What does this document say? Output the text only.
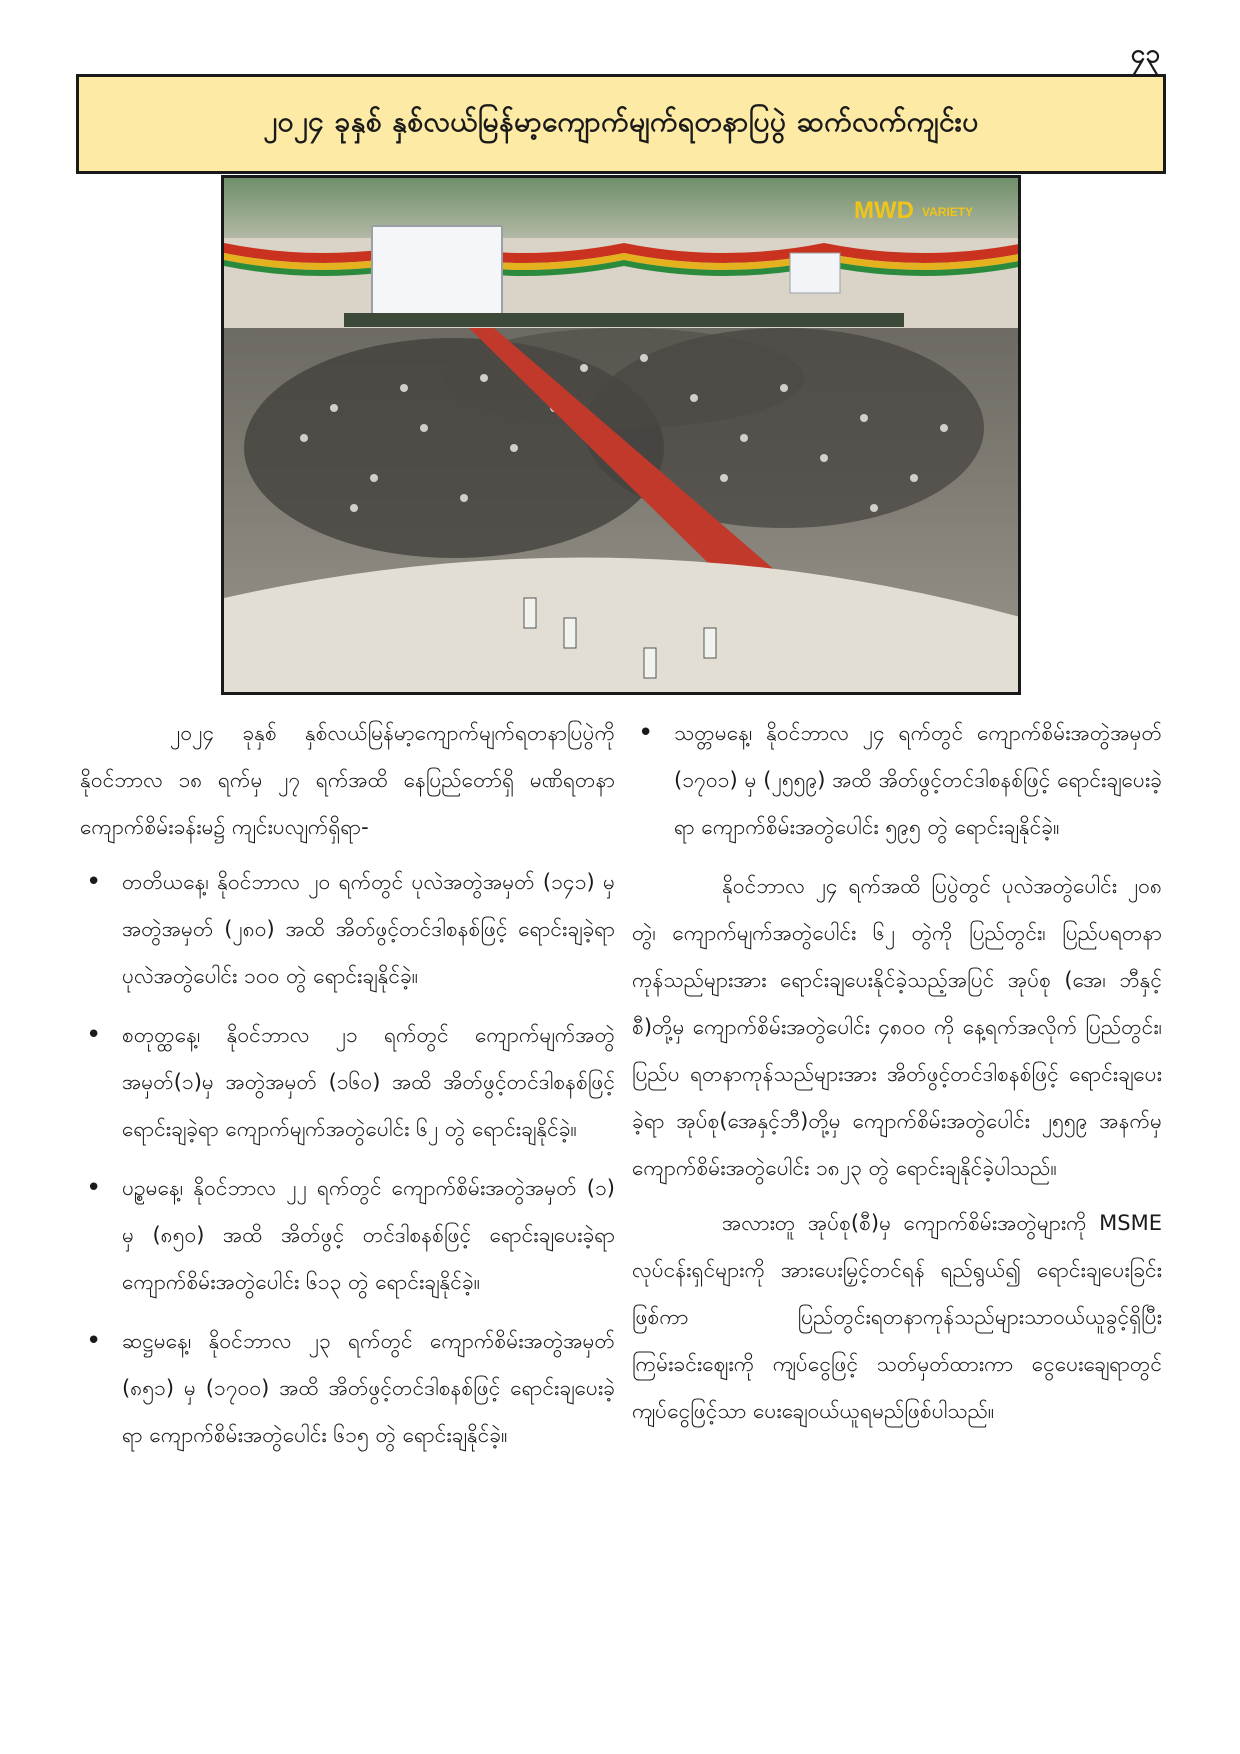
၄၃
၂၀၂၄ ခုနှစ် နှစ်လယ်မြန်မာ့ကျောက်မျက်ရတနာပြပွဲ ဆက်လက်ကျင်းပ
MWD VARIETY

၂၀၂၄ ခုနှစ် နှစ်လယ်မြန်မာ့ကျောက်မျက်ရတနာပြပွဲကို နိုဝင်ဘာလ ၁၈ ရက်မှ ၂၇ ရက်အထိ နေပြည်တော်ရှိ မဏိရတနာကျောက်စိမ်းခန်းမ၌ ကျင်းပလျက်ရှိရာ-

• တတိယနေ့၊ နိုဝင်ဘာလ ၂၀ ရက်တွင် ပုလဲအတွဲအမှတ် (၁၄၁) မှ အတွဲအမှတ် (၂၈၀) အထိ အိတ်ဖွင့်တင်ဒါစနစ်ဖြင့် ရောင်းချခဲ့ရာ ပုလဲအတွဲပေါင်း ၁၀၀ တွဲ ရောင်းချနိုင်ခဲ့။
• စတုတ္ထနေ့၊ နိုဝင်ဘာလ ၂၁ ရက်တွင် ကျောက်မျက်အတွဲအမှတ်(၁)မှ အတွဲအမှတ် (၁၆၀) အထိ အိတ်ဖွင့်တင်ဒါစနစ်ဖြင့် ရောင်းချခဲ့ရာ ကျောက်မျက်အတွဲပေါင်း ၆၂ တွဲ ရောင်းချနိုင်ခဲ့။
• ပဉ္စမနေ့၊ နိုဝင်ဘာလ ၂၂ ရက်တွင် ကျောက်စိမ်းအတွဲအမှတ် (၁) မှ (၈၅၀) အထိ အိတ်ဖွင့် တင်ဒါစနစ်ဖြင့် ရောင်းချပေးခဲ့ရာ ကျောက်စိမ်းအတွဲပေါင်း ၆၁၃ တွဲ ရောင်းချနိုင်ခဲ့။
• ဆဋ္ဌမနေ့၊ နိုဝင်ဘာလ ၂၃ ရက်တွင် ကျောက်စိမ်းအတွဲအမှတ် (၈၅၁) မှ (၁၇၀၀) အထိ အိတ်ဖွင့်တင်ဒါစနစ်ဖြင့် ရောင်းချပေးခဲ့ရာ ကျောက်စိမ်းအတွဲပေါင်း ၆၁၅ တွဲ ရောင်းချနိုင်ခဲ့။
• သတ္တမနေ့၊ နိုဝင်ဘာလ ၂၄ ရက်တွင် ကျောက်စိမ်းအတွဲအမှတ် (၁၇၀၁) မှ (၂၅၅၉) အထိ အိတ်ဖွင့်တင်ဒါစနစ်ဖြင့် ရောင်းချပေးခဲ့ရာ ကျောက်စိမ်းအတွဲပေါင်း ၅၉၅ တွဲ ရောင်းချနိုင်ခဲ့။

နိုဝင်ဘာလ ၂၄ ရက်အထိ ပြပွဲတွင် ပုလဲအတွဲပေါင်း ၂၀၈ တွဲ၊ ကျောက်မျက်အတွဲပေါင်း ၆၂ တွဲကို ပြည်တွင်း၊ ပြည်ပရတနာကုန်သည်များအား ရောင်းချပေးနိုင်ခဲ့သည့်အပြင် အုပ်စု (အေ၊ ဘီနှင့်စီ)တို့မှ ကျောက်စိမ်းအတွဲပေါင်း ၄၈၀၀ ကို နေ့ရက်အလိုက် ပြည်တွင်း၊ ပြည်ပ ရတနာကုန်သည်များအား အိတ်ဖွင့်တင်ဒါစနစ်ဖြင့် ရောင်းချပေးခဲ့ရာ အုပ်စု(အေနှင့်ဘီ)တို့မှ ကျောက်စိမ်းအတွဲပေါင်း ၂၅၅၉ အနက်မှ ကျောက်စိမ်းအတွဲပေါင်း ၁၈၂၃ တွဲ ရောင်းချနိုင်ခဲ့ပါသည်။

အလားတူ အုပ်စု(စီ)မှ ကျောက်စိမ်းအတွဲများကို MSME လုပ်ငန်းရှင်များကို အားပေးမြှင့်တင်ရန် ရည်ရွယ်၍ ရောင်းချပေးခြင်းဖြစ်ကာ ပြည်တွင်းရတနာကုန်သည်များသာဝယ်ယူခွင့်ရှိပြီး ကြမ်းခင်းဈေးကို ကျပ်ငွေဖြင့် သတ်မှတ်ထားကာ ငွေပေးချေရာတွင် ကျပ်ငွေဖြင့်သာ ပေးချေဝယ်ယူရမည်ဖြစ်ပါသည်။
